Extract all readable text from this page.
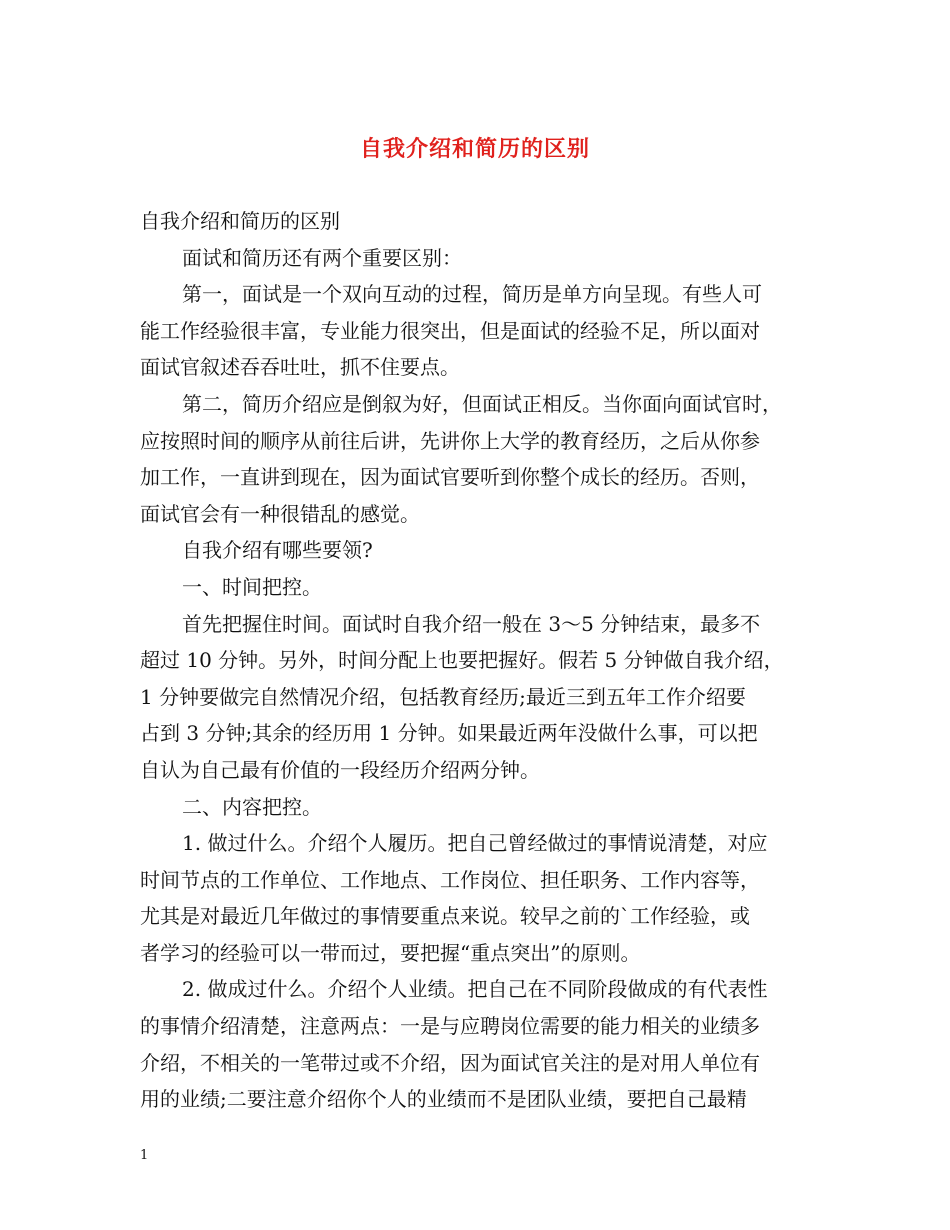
自我介绍和简历的区别

自我介绍和简历的区别

面试和简历还有两个重要区别：

第一，面试是一个双向互动的过程，简历是单方向呈现。有些人可

能工作经验很丰富，专业能力很突出，但是面试的经验不足，所以面对

面试官叙述吞吞吐吐，抓不住要点。

第二，简历介绍应是倒叙为好，但面试正相反。当你面向面试官时，

应按照时间的顺序从前往后讲，先讲你上大学的教育经历，之后从你参

加工作，一直讲到现在，因为面试官要听到你整个成长的经历。否则，

面试官会有一种很错乱的感觉。

自我介绍有哪些要领?

一、时间把控。

首先把握住时间。面试时自我介绍一般在 3～5 分钟结束，最多不

超过 10 分钟。另外，时间分配上也要把握好。假若 5 分钟做自我介绍，

1 分钟要做完自然情况介绍，包括教育经历;最近三到五年工作介绍要

占到 3 分钟;其余的经历用 1 分钟。如果最近两年没做什么事，可以把

自认为自己最有价值的一段经历介绍两分钟。

二、内容把控。

1. 做过什么。介绍个人履历。把自己曾经做过的事情说清楚，对应

时间节点的工作单位、工作地点、工作岗位、担任职务、工作内容等，

尤其是对最近几年做过的事情要重点来说。较早之前的`工作经验，或

者学习的经验可以一带而过，要把握“重点突出”的原则。

2. 做成过什么。介绍个人业绩。把自己在不同阶段做成的有代表性

的事情介绍清楚，注意两点：一是与应聘岗位需要的能力相关的业绩多

介绍，不相关的一笔带过或不介绍，因为面试官关注的是对用人单位有

用的业绩;二要注意介绍你个人的业绩而不是团队业绩，要把自己最精

1
